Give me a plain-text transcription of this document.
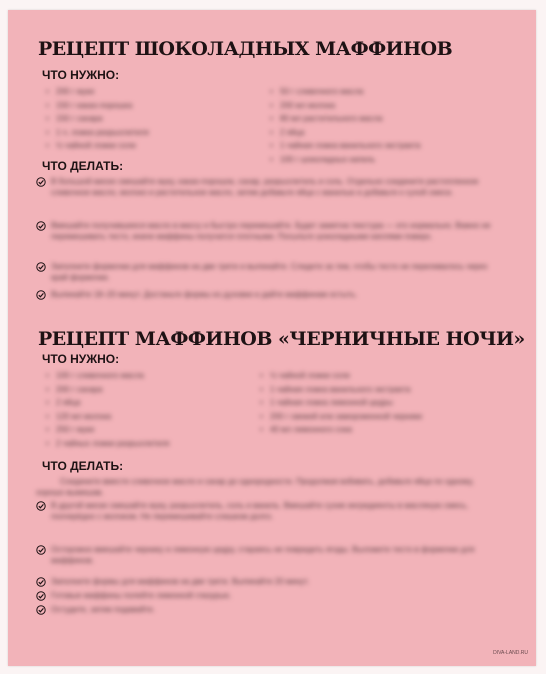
РЕЦЕПТ ШОКОЛАДНЫХ МАФФИНОВ
ЧТО НУЖНО:
• 200 г муки
• 150 г какао-порошка
• 150 г сахара
• 1 ч. ложка разрыхлителя
• ½ чайной ложки соли
• 50 г сливочного масла
• 200 мл молока
• 80 мл растительного масла
• 2 яйца
• 1 чайная ложка ванильного экстракта
• 100 г шоколадных капель
ЧТО ДЕЛАТЬ:
В большой миске смешайте муку, какао-порошок, сахар, разрыхлитель и соль. Отдельно соедините растопленное сливочное масло, молоко и растительное масло, затем добавьте яйца с ванилью и добавьте к сухой смеси.
Вмешайте получившееся масло в массу и быстро перемешайте. Будет заметна текстура — это нормально. Важно не перемешивать тесто, иначе маффины получатся плотными. Посыпьте шоколадными каплями поверх.
Заполните формочки для маффинов на две трети и выпекайте. Следите за тем, чтобы тесто не переливалось через край формочки.
Выпекайте 18–20 минут. Достаньте формы из духовки и дайте маффинам остыть.
РЕЦЕПТ МАФФИНОВ «ЧЕРНИЧНЫЕ НОЧИ»
ЧТО НУЖНО:
• 100 г сливочного масла
• 200 г сахара
• 2 яйца
• 120 мл молока
• 250 г муки
• 2 чайных ложки разрыхлителя
• ½ чайной ложки соли
• 1 чайная ложка ванильного экстракта
• 1 чайная ложка лимонной цедры
• 200 г свежей или замороженной черники
• 40 мл лимонного сока
ЧТО ДЕЛАТЬ:
Соедините вместе сливочное масло и сахар до однородности. Продолжая взбивать, добавьте яйца по одному, хорошо вымешав.
В другой миске смешайте муку, разрыхлитель, соль и ваниль. Вмешайте сухие ингредиенты в масляную смесь, поочерёдно с молоком. Не перемешивайте слишком долго.
Осторожно вмешайте чернику и лимонную цедру, стараясь не повредить ягоды. Выложите тесто в формочки для маффинов.
Заполните формы для маффинов на две трети. Выпекайте 20 минут.
Готовые маффины полейте лимонной глазурью.
Остудите, затем подавайте.
DIVA-LAND.RU
